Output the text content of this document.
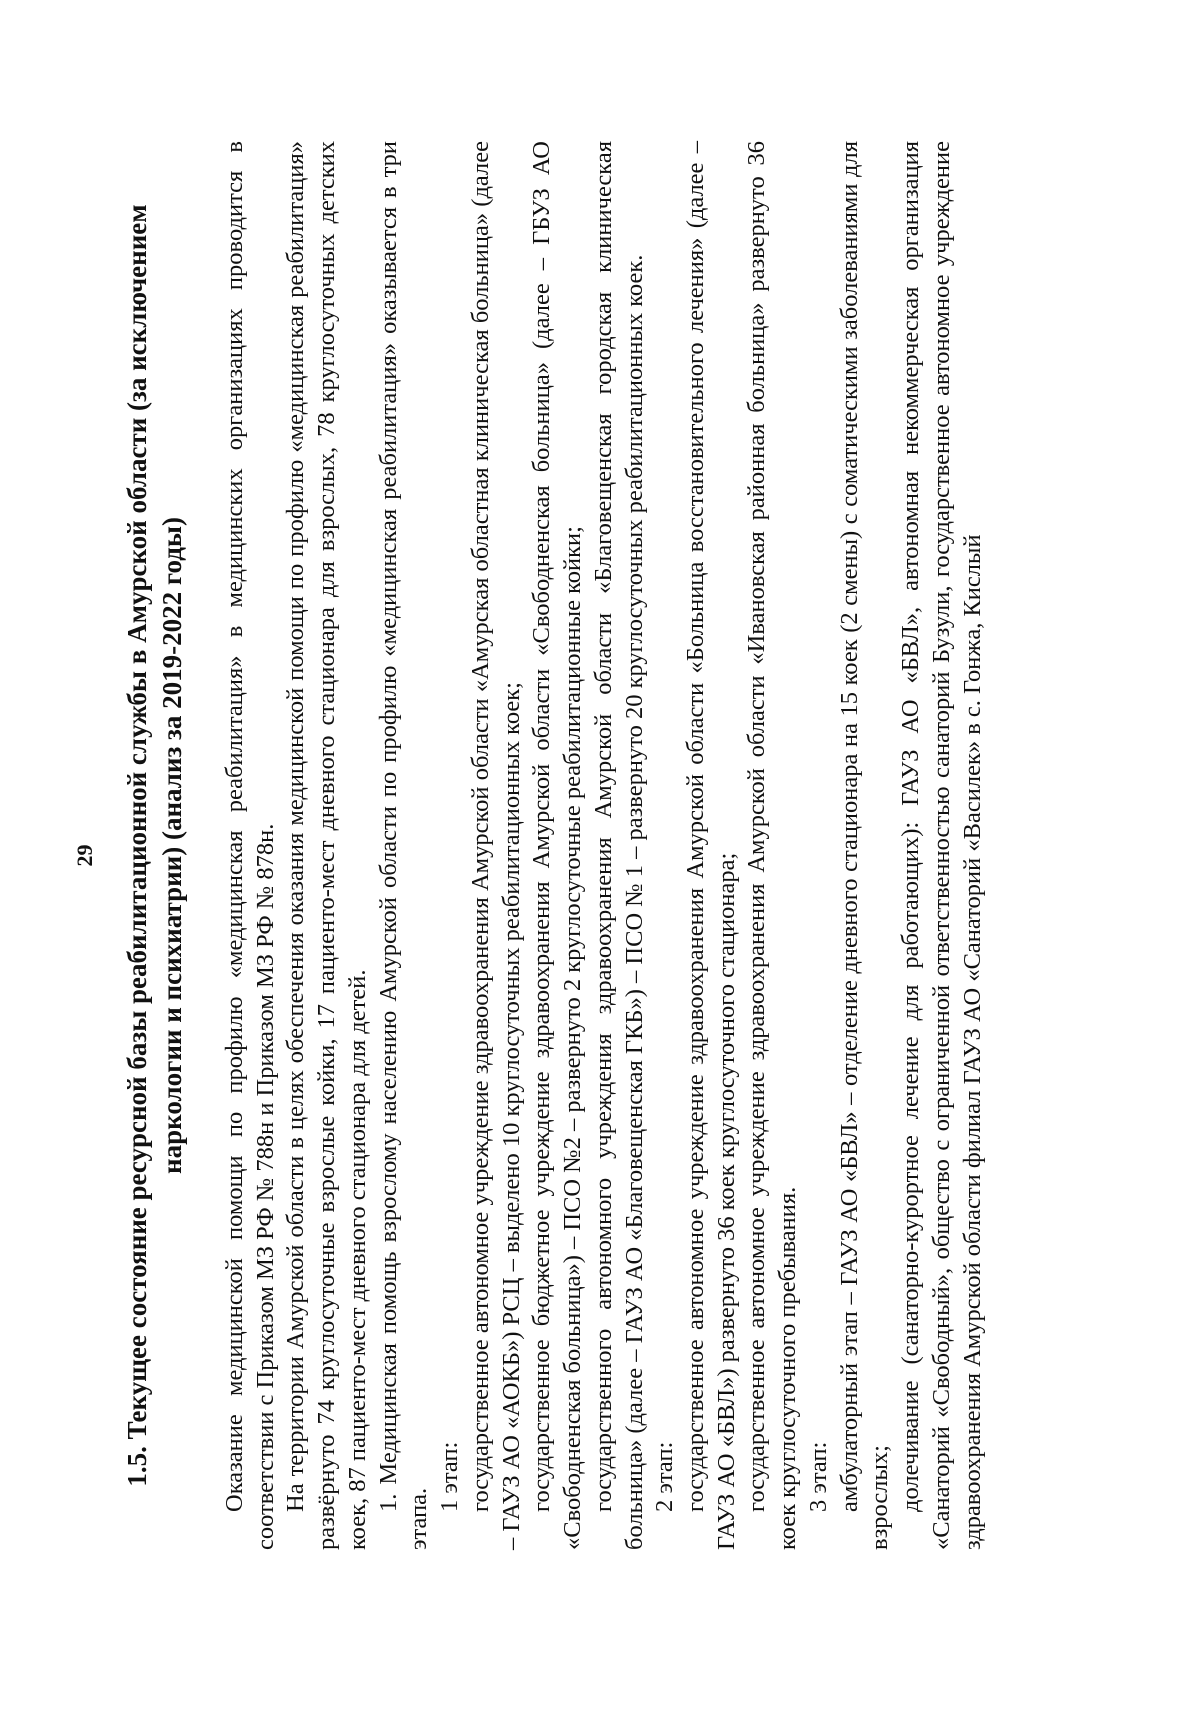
29 1.5. Текущее состояние ресурсной базы реабилитационной службы в Амурской области (за исключением наркологии и психиатрии) (анализ за 2019-2022 годы) Оказание медицинской помощи по профилю «медицинская реабилитация» в медицинских организациях проводится в соответствии с Приказом МЗ РФ № 788н и Приказом МЗ РФ № 878н. На территории Амурской области в целях обеспечения оказания медицинской помощи по профилю «медицинская реабилитация» развёрнуто 74 круглосуточные взрослые койки, 17 пациенто-мест дневного стационара для взрослых, 78 круглосуточных детских коек, 87 пациенто-мест дневного стационара для детей. 1. Медицинская помощь взрослому населению Амурской области по профилю «медицинская реабилитация» оказывается в три этапа.

1 этап: государственное автономное учреждение здравоохранения Амурской области «Амурская областная клиническая больница» (далее – ГАУЗ АО «АОКБ») РСЦ – выделено 10 круглосуточных реабилитационных коек; государственное бюджетное учреждение здравоохранения Амурской области «Свободненская больница» (далее – ГБУЗ АО «Свободненская больница») – ПСО №2 – развернуто 2 круглосуточные реабилитационные койки; государственного автономного учреждения здравоохранения Амурской области «Благовещенская городская клиническая больница» (далее – ГАУЗ АО «Благовещенская ГКБ») – ПСО № 1 – развернуто 20 круглосуточных реабилитационных коек. 2 этап: государственное автономное учреждение здравоохранения Амурской области «Больница восстановительного лечения» (далее – ГАУЗ АО «БВЛ») развернуто 36 коек круглосуточного стационара; государственное автономное учреждение здравоохранения Амурской области «Ивановская районная больница» развернуто 36 коек круглосуточного пребывания. 3 этап: амбулаторный этап – ГАУЗ АО «БВЛ» – отделение дневного стационара на 15 коек (2 смены) с соматическими заболеваниями для взрослых; долечивание (санаторно-курортное лечение для работающих): ГАУЗ АО «БВЛ», автономная некоммерческая организация «Санаторий «Свободный», общество с ограниченной ответственностью санаторий Бузули, государственное автономное учреждение здравоохранения Амурской области филиал ГАУЗ АО «Санаторий «Василек» в с. Гонжа, Кислый
